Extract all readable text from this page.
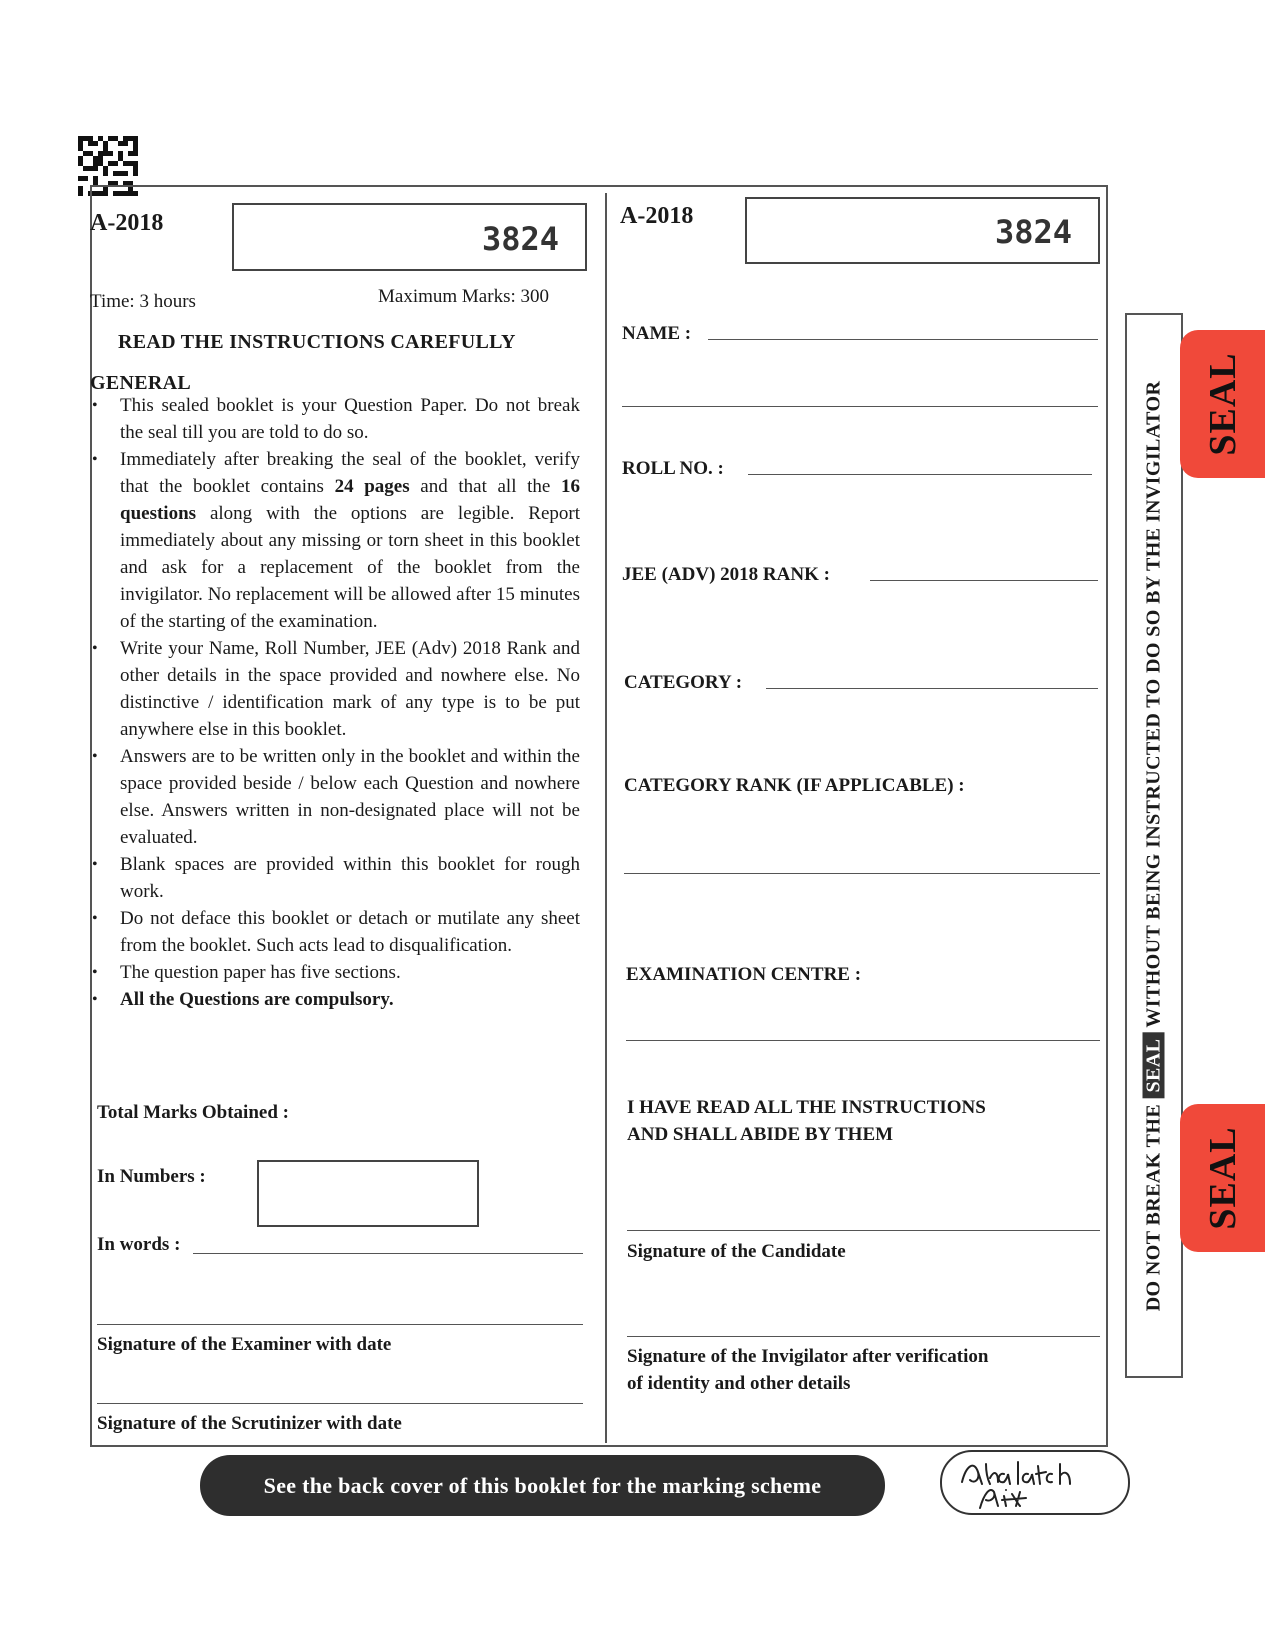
A-2018	3824
Time: 3 hours	Maximum Marks: 300
READ THE INSTRUCTIONS CAREFULLY
GENERAL
• This sealed booklet is your Question Paper. Do not break the seal till you are told to do so.
• Immediately after breaking the seal of the booklet, verify that the booklet contains 24 pages and that all the 16 questions along with the options are legible. Report immediately about any missing or torn sheet in this booklet and ask for a replacement of the booklet from the invigilator. No replacement will be allowed after 15 minutes of the starting of the examination.
• Write your Name, Roll Number, JEE (Adv) 2018 Rank and other details in the space provided and nowhere else. No distinctive / identification mark of any type is to be put anywhere else in this booklet.
• Answers are to be written only in the booklet and within the space provided beside / below each Question and nowhere else. Answers written in non-designated place will not be evaluated.
• Blank spaces are provided within this booklet for rough work.
• Do not deface this booklet or detach or mutilate any sheet from the booklet. Such acts lead to disqualification.
• The question paper has five sections.
• All the Questions are compulsory.
Total Marks Obtained :
In Numbers :
In words :
Signature of the Examiner with date
Signature of the Scrutinizer with date
A-2018	3824
NAME :
ROLL NO. :
JEE (ADV) 2018 RANK :
CATEGORY :
CATEGORY RANK (IF APPLICABLE) :
EXAMINATION CENTRE :
I HAVE READ ALL THE INSTRUCTIONS
AND SHALL ABIDE BY THEM
Signature of the Candidate
Signature of the Invigilator after verification
of identity and other details
DO NOT BREAK THE SEAL WITHOUT BEING INSTRUCTED TO DO SO BY THE INVIGILATOR SEAL
SEAL
See the back cover of this booklet for the marking scheme
